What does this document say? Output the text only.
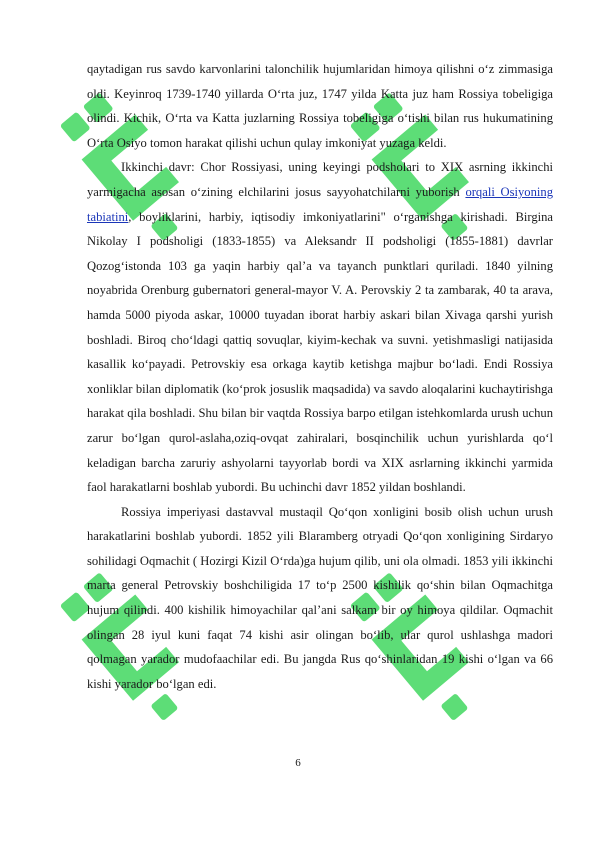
qaytadigan rus savdo karvonlarini talonchilik hujumlaridan himoya qilishni o‘z zimmasiga oldi. Keyinroq 1739-1740 yillarda O‘rta juz, 1747 yilda Katta juz ham Rossiya tobeligiga olindi. Kichik, O‘rta va Katta juzlarning Rossiya tobeligiga o‘tishi bilan rus hukumatining O‘rta Osiyo tomon harakat qilishi uchun qulay imkoniyat yuzaga keldi.

Ikkinchi davr: Chor Rossiyasi, uning keyingi podsholari to XIX asrning ikkinchi yarmigacha asosan o‘zining elchilarini josus sayyohatchilarni yuborish orqali Osiyoning tabiatini, boyliklarini, harbiy, iqtisodiy imkoniyatlarini" o‘rganishga kirishadi. Birgina Nikolay I podsholigi (1833-1855) va Aleksandr II podsholigi (1855-1881) davrlar Qozog‘istonda 103 ga yaqin harbiy qal’a va tayanch punktlari quriladi. 1840 yilning noyabrida Orenburg gubernatori general-mayor V. A. Perovskiy 2 ta zambarak, 40 ta arava, hamda 5000 piyoda askar, 10000 tuyadan iborat harbiy askari bilan Xivaga qarshi yurish boshladi. Biroq cho‘ldagi qattiq sovuqlar, kiyim-kechak va suvni. yetishmasligi natijasida kasallik ko‘payadi. Petrovskiy esa orkaga kaytib ketishga majbur bo‘ladi. Endi Rossiya xonliklar bilan diplomatik (ko‘prok josuslik maqsadida) va savdo aloqalarini kuchaytirishga harakat qila boshladi. Shu bilan bir vaqtda Rossiya barpo etilgan istehkomlarda urush uchun zarur bo‘lgan qurol-aslaha,oziq-ovqat zahiralari, bosqinchilik uchun yurishlarda qo‘l keladigan barcha zaruriy ashyolarni tayyorlab bordi va XIX asrlarning ikkinchi yarmida faol harakatlarni boshlab yubordi. Bu uchinchi davr 1852 yildan boshlandi.

Rossiya imperiyasi dastavval mustaqil Qo‘qon xonligini bosib olish uchun urush harakatlarini boshlab yubordi. 1852 yili Blaramberg otryadi Qo‘qon xonligining Sirdaryo sohilidagi Oqmachit ( Hozirgi Kizil O‘rda)ga hujum qilib, uni ola olmadi. 1853 yili ikkinchi marta general Petrovskiy boshchiligida 17 to‘p 2500 kishilik qo‘shin bilan Oqmachitga hujum qilindi. 400 kishilik himoyachilar qal’ani salkam bir oy himoya qildilar. Oqmachit olingan 28 iyul kuni faqat 74 kishi asir olingan bo‘lib, ular qurol ushlashga madori qolmagan yarador mudofaachilar edi. Bu jangda Rus qo‘shinlaridan 19 kishi o‘lgan va 66 kishi yarador bo‘lgan edi.

6
